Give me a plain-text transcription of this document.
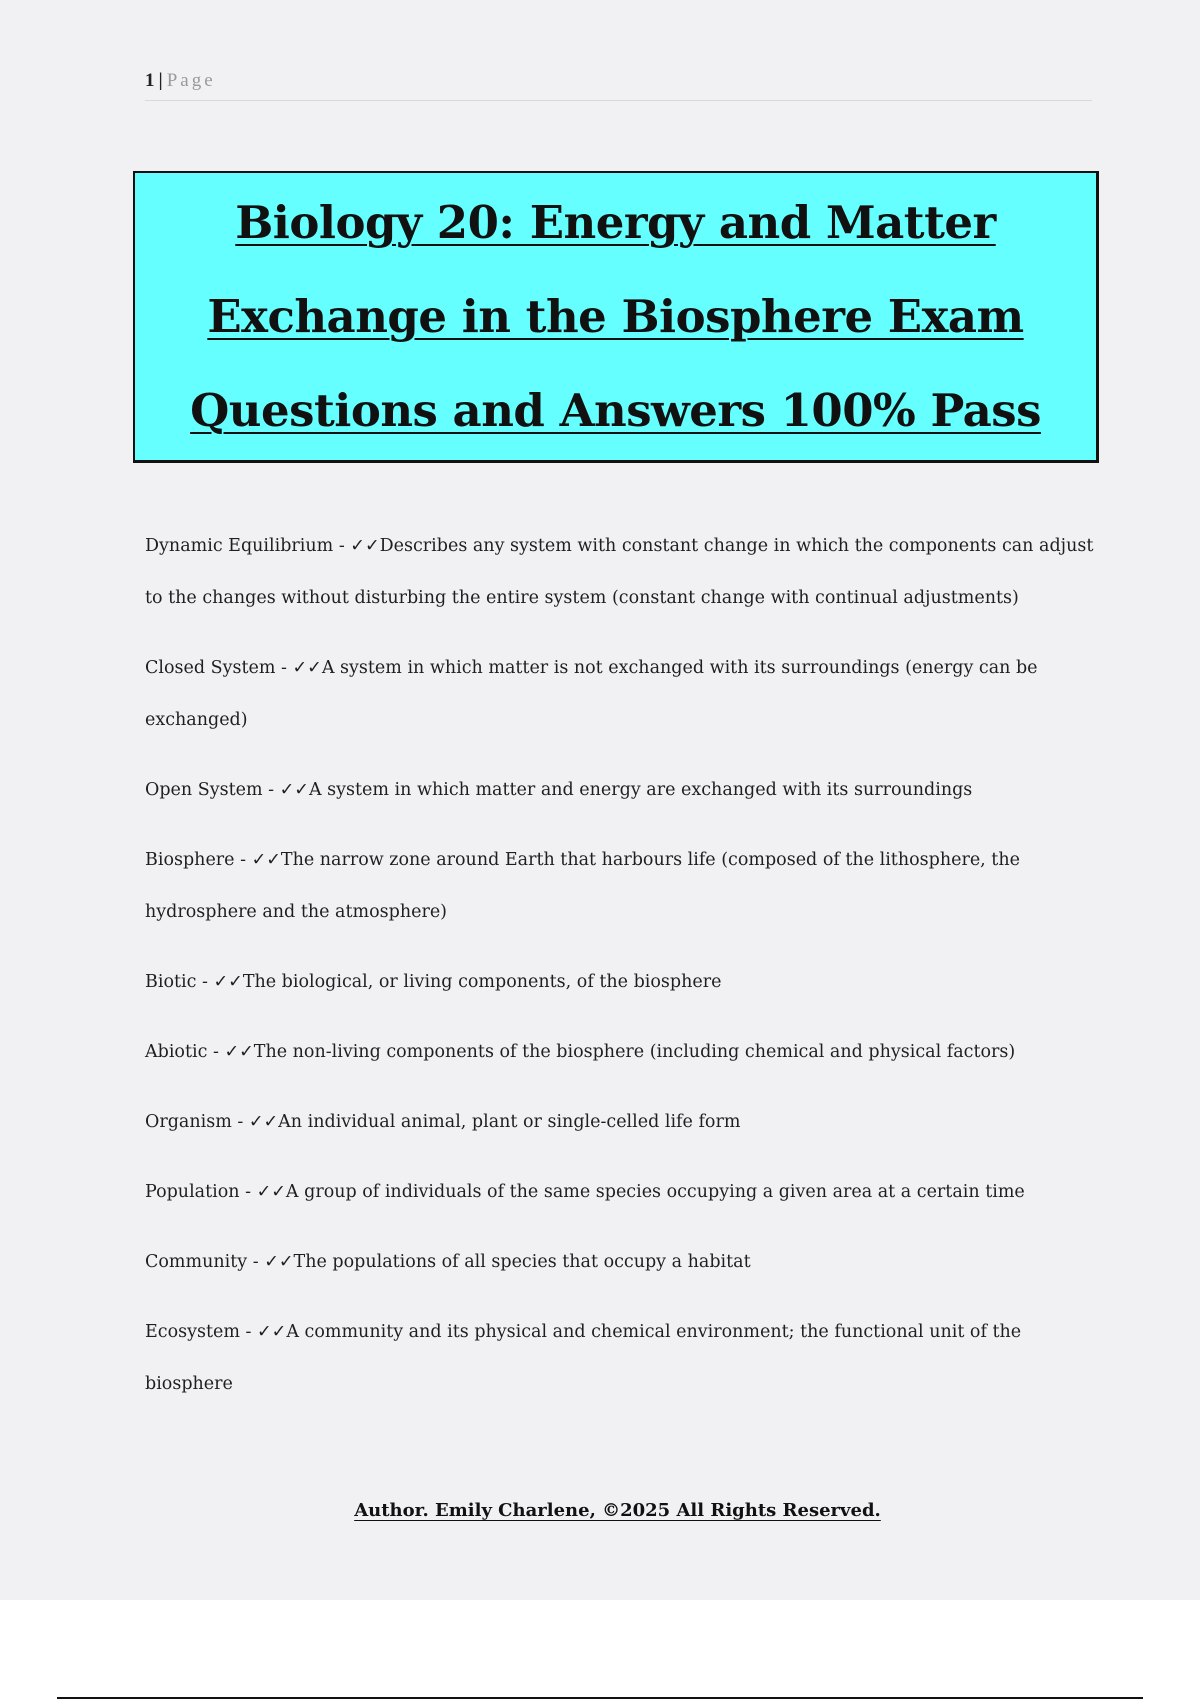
1 | Page
Biology 20: Energy and Matter
Exchange in the Biosphere Exam
Questions and Answers 100% Pass
Dynamic Equilibrium - ✓✓Describes any system with constant change in which the components can adjust to the changes without disturbing the entire system (constant change with continual adjustments)
Closed System - ✓✓A system in which matter is not exchanged with its surroundings (energy can be exchanged)
Open System - ✓✓A system in which matter and energy are exchanged with its surroundings
Biosphere - ✓✓The narrow zone around Earth that harbours life (composed of the lithosphere, the hydrosphere and the atmosphere)
Biotic - ✓✓The biological, or living components, of the biosphere
Abiotic - ✓✓The non-living components of the biosphere (including chemical and physical factors)
Organism - ✓✓An individual animal, plant or single-celled life form
Population - ✓✓A group of individuals of the same species occupying a given area at a certain time
Community - ✓✓The populations of all species that occupy a habitat
Ecosystem - ✓✓A community and its physical and chemical environment; the functional unit of the biosphere
Author. Emily Charlene, ©2025 All Rights Reserved.
